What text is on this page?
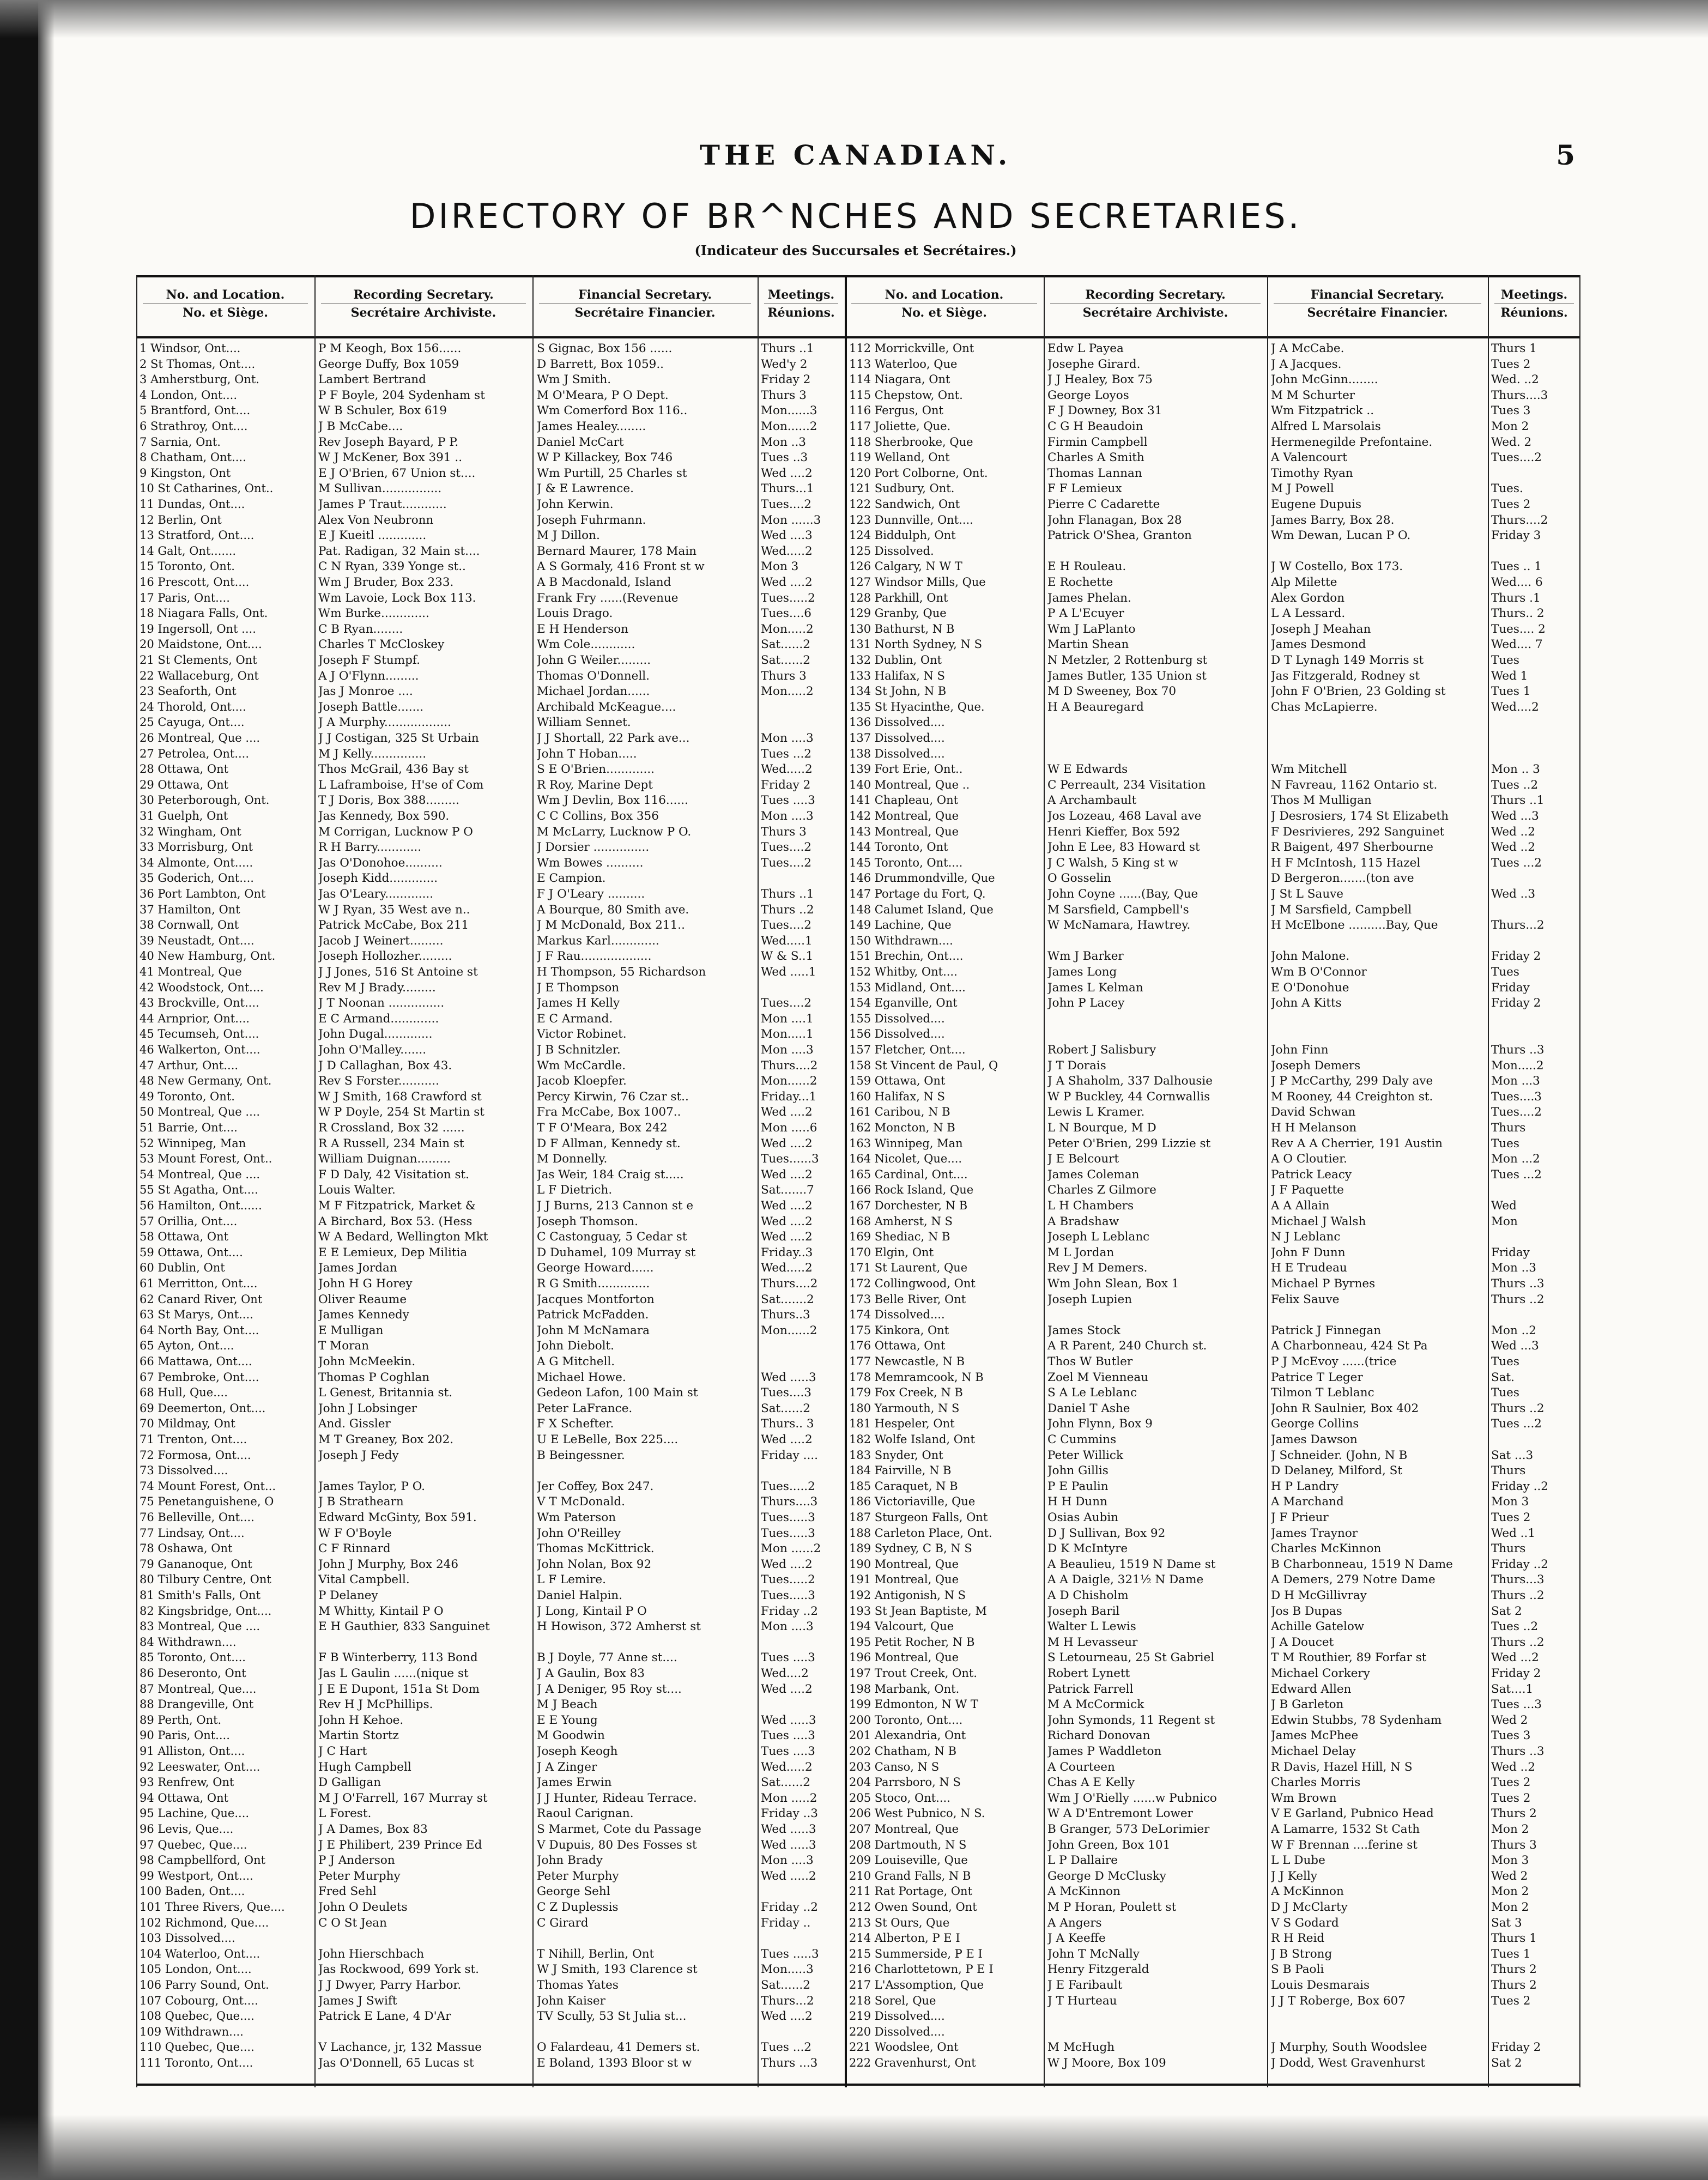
THE CANADIAN.	5
DIRECTORY OF BR^NCHES AND SECRETARIES.
(Indicateur des Succursales et Secrétaires.)
No. and Location.
No. et Siège.
Recording Secretary.
Secrétaire Archiviste.
Financial Secretary.
Secrétaire Financier.
Meetings.
Réunions.
No. and Location.
No. et Siège.
Recording Secretary.
Secrétaire Archiviste.
Financial Secretary.
Secrétaire Financier.
Meetings.
Réunions.
1 Windsor, Ont....	P M Keogh, Box 156......	S Gignac, Box 156 ......	Thurs ..1
2 St Thomas, Ont....	George Duffy, Box 1059	D Barrett, Box 1059..	Wed'y 2
3 Amherstburg, Ont.	Lambert Bertrand	Wm J Smith.	Friday 2
4 London, Ont....	P F Boyle, 204 Sydenham st	M O'Meara, P O Dept.	Thurs 3
5 Brantford, Ont....	W B Schuler, Box 619	Wm Comerford Box 116..	Mon......3
6 Strathroy, Ont....	J B McCabe....	James Healey........	Mon......2
7 Sarnia, Ont.	Rev Joseph Bayard, P P.	Daniel McCart	Mon ..3
8 Chatham, Ont....	W J McKener, Box 391 ..	W P Killackey, Box 746	Tues ..3
9 Kingston, Ont	E J O'Brien, 67 Union st....	Wm Purtill, 25 Charles st	Wed ....2
10 St Catharines, Ont..	M Sullivan................	J & E Lawrence.	Thurs...1
11 Dundas, Ont....	James P Traut............	John Kerwin.	Tues....2
12 Berlin, Ont	Alex Von Neubronn	Joseph Fuhrmann.	Mon ......3
13 Stratford, Ont....	E J Kueitl .............	M J Dillon.	Wed ....3
14 Galt, Ont.......	Pat. Radigan, 32 Main st....	Bernard Maurer, 178 Main	Wed.....2
15 Toronto, Ont.	C N Ryan, 339 Yonge st..	A S Gormaly, 416 Front st w	Mon 3
16 Prescott, Ont....	Wm J Bruder, Box 233.	A B Macdonald, Island	Wed ....2
17 Paris, Ont....	Wm Lavoie, Lock Box 113.	Frank Fry ......(Revenue	Tues.....2
18 Niagara Falls, Ont.	Wm Burke.............	Louis Drago.	Tues....6
19 Ingersoll, Ont ....	C B Ryan........	E H Henderson	Mon.....2
20 Maidstone, Ont....	Charles T McCloskey	Wm Cole............	Sat......2
21 St Clements, Ont	Joseph F Stumpf.	John G Weiler.........	Sat......2
22 Wallaceburg, Ont	A J O'Flynn.........	Thomas O'Donnell.	Thurs 3
23 Seaforth, Ont	Jas J Monroe ....	Michael Jordan......	Mon.....2
24 Thorold, Ont....	Joseph Battle.......	Archibald McKeague....
25 Cayuga, Ont....	J A Murphy..................	William Sennet.
26 Montreal, Que ....	J J Costigan, 325 St Urbain	J J Shortall, 22 Park ave...	Mon ....3
27 Petrolea, Ont....	M J Kelly...............	John T Hoban.....	Tues ...2
28 Ottawa, Ont	Thos McGrail, 436 Bay st	S E O'Brien.............	Wed.....2
29 Ottawa, Ont	L Laframboise, H'se of Com	R Roy, Marine Dept	Friday 2
30 Peterborough, Ont.	T J Doris, Box 388.........	Wm J Devlin, Box 116......	Tues ....3
31 Guelph, Ont	Jas Kennedy, Box 590.	C C Collins, Box 356	Mon ....3
32 Wingham, Ont	M Corrigan, Lucknow P O	M McLarry, Lucknow P O.	Thurs 3
33 Morrisburg, Ont	R H Barry............	J Dorsier ...............	Tues....2
34 Almonte, Ont.....	Jas O'Donohoe..........	Wm Bowes ..........	Tues....2
35 Goderich, Ont....	Joseph Kidd.............	E Campion.
36 Port Lambton, Ont	Jas O'Leary.............	F J O'Leary ..........	Thurs ..1
37 Hamilton, Ont	W J Ryan, 35 West ave n..	A Bourque, 80 Smith ave.	Thurs ..2
38 Cornwall, Ont	Patrick McCabe, Box 211	J M McDonald, Box 211..	Tues....2
39 Neustadt, Ont....	Jacob J Weinert.........	Markus Karl.............	Wed.....1
40 New Hamburg, Ont.	Joseph Hollozher.........	J F Rau...................	W & S..1
41 Montreal, Que	J J Jones, 516 St Antoine st	H Thompson, 55 Richardson	Wed .....1
42 Woodstock, Ont....	Rev M J Brady.........	J E Thompson
43 Brockville, Ont....	J T Noonan ...............	James H Kelly	Tues....2
44 Arnprior, Ont....	E C Armand.............	E C Armand.	Mon ....1
45 Tecumseh, Ont....	John Dugal.............	Victor Robinet.	Mon.....1
46 Walkerton, Ont....	John O'Malley.......	J B Schnitzler.	Mon ....3
47 Arthur, Ont....	J D Callaghan, Box 43.	Wm McCardle.	Thurs....2
48 New Germany, Ont.	Rev S Forster...........	Jacob Kloepfer.	Mon......2
49 Toronto, Ont.	W J Smith, 168 Crawford st	Percy Kirwin, 76 Czar st..	Friday...1
50 Montreal, Que ....	W P Doyle, 254 St Martin st	Fra McCabe, Box 1007..	Wed ....2
51 Barrie, Ont....	R Crossland, Box 32 ......	T F O'Meara, Box 242	Mon .....6
52 Winnipeg, Man	R A Russell, 234 Main st	D F Allman, Kennedy st.	Wed ....2
53 Mount Forest, Ont..	William Duignan.........	M Donnelly.	Tues......3
54 Montreal, Que ....	F D Daly, 42 Visitation st.	Jas Weir, 184 Craig st.....	Wed ....2
55 St Agatha, Ont....	Louis Walter.	L F Dietrich.	Sat.......7
56 Hamilton, Ont......	M F Fitzpatrick, Market &	J J Burns, 213 Cannon st e	Wed ....2
57 Orillia, Ont....	A Birchard, Box 53. (Hess	Joseph Thomson.	Wed ....2
58 Ottawa, Ont	W A Bedard, Wellington Mkt	C Castonguay, 5 Cedar st	Wed ....2
59 Ottawa, Ont....	E E Lemieux, Dep Militia	D Duhamel, 109 Murray st	Friday..3
60 Dublin, Ont	James Jordan	George Howard......	Wed.....2
61 Merritton, Ont....	John H G Horey	R G Smith..............	Thurs....2
62 Canard River, Ont	Oliver Reaume	Jacques Montforton	Sat.......2
63 St Marys, Ont....	James Kennedy	Patrick McFadden.	Thurs..3
64 North Bay, Ont....	E Mulligan	John M McNamara	Mon......2
65 Ayton, Ont....	T Moran	John Diebolt.
66 Mattawa, Ont....	John McMeekin.	A G Mitchell.
67 Pembroke, Ont....	Thomas P Coghlan	Michael Howe.	Wed .....3
68 Hull, Que....	L Genest, Britannia st.	Gedeon Lafon, 100 Main st	Tues....3
69 Deemerton, Ont....	John J Lobsinger	Peter LaFrance.	Sat......2
70 Mildmay, Ont	And. Gissler	F X Schefter.	Thurs.. 3
71 Trenton, Ont....	M T Greaney, Box 202.	U E LeBelle, Box 225....	Wed ....2
72 Formosa, Ont....	Joseph J Fedy	B Beingessner.	Friday ....
73 Dissolved....
74 Mount Forest, Ont...	James Taylor, P O.	Jer Coffey, Box 247.	Tues.....2
75 Penetanguishene, O	J B Strathearn	V T McDonald.	Thurs....3
76 Belleville, Ont....	Edward McGinty, Box 591.	Wm Paterson	Tues.....3
77 Lindsay, Ont....	W F O'Boyle	John O'Reilley	Tues.....3
78 Oshawa, Ont	C F Rinnard	Thomas McKittrick.	Mon ......2
79 Gananoque, Ont	John J Murphy, Box 246	John Nolan, Box 92	Wed ....2
80 Tilbury Centre, Ont	Vital Campbell.	L F Lemire.	Tues.....2
81 Smith's Falls, Ont	P Delaney	Daniel Halpin.	Tues.....3
82 Kingsbridge, Ont....	M Whitty, Kintail P O	J Long, Kintail P O	Friday ..2
83 Montreal, Que ....	E H Gauthier, 833 Sanguinet	H Howison, 372 Amherst st	Mon ....3
84 Withdrawn....
85 Toronto, Ont....	F B Winterberry, 113 Bond	B J Doyle, 77 Anne st....	Tues ....3
86 Deseronto, Ont	Jas L Gaulin ......(nique st	J A Gaulin, Box 83	Wed....2
87 Montreal, Que....	J E E Dupont, 151a St Dom	J A Deniger, 95 Roy st....	Wed ....2
88 Drangeville, Ont	Rev H J McPhillips.	M J Beach
89 Perth, Ont.	John H Kehoe.	E E Young	Wed .....3
90 Paris, Ont....	Martin Stortz	M Goodwin	Tues ....3
91 Alliston, Ont....	J C Hart	Joseph Keogh	Tues ....3
92 Leeswater, Ont....	Hugh Campbell	J A Zinger	Wed.....2
93 Renfrew, Ont	D Galligan	James Erwin	Sat......2
94 Ottawa, Ont	M J O'Farrell, 167 Murray st	J J Hunter, Rideau Terrace.	Mon .....2
95 Lachine, Que....	L Forest.	Raoul Carignan.	Friday ..3
96 Levis, Que....	J A Dames, Box 83	S Marmet, Cote du Passage	Wed .....3
97 Quebec, Que....	J E Philibert, 239 Prince Ed	V Dupuis, 80 Des Fosses st	Wed .....3
98 Campbellford, Ont	P J Anderson	John Brady	Mon ....3
99 Westport, Ont....	Peter Murphy	Peter Murphy	Wed .....2
100 Baden, Ont....	Fred Sehl	George Sehl
101 Three Rivers, Que....	John O Deulets	C Z Duplessis	Friday ..2
102 Richmond, Que....	C O St Jean	C Girard	Friday ..
103 Dissolved....
104 Waterloo, Ont....	John Hierschbach	T Nihill, Berlin, Ont	Tues .....3
105 London, Ont....	Jas Rockwood, 699 York st.	W J Smith, 193 Clarence st	Mon.....3
106 Parry Sound, Ont.	J J Dwyer, Parry Harbor.	Thomas Yates	Sat......2
107 Cobourg, Ont....	James J Swift	John Kaiser	Thurs...2
108 Quebec, Que....	Patrick E Lane, 4 D'Ar	TV Scully, 53 St Julia st...	Wed ....2
109 Withdrawn....
110 Quebec, Que....	V Lachance, jr, 132 Massue	O Falardeau, 41 Demers st.	Tues ...2
111 Toronto, Ont....	Jas O'Donnell, 65 Lucas st	E Boland, 1393 Bloor st w	Thurs ...3
112 Morrickville, Ont	Edw L Payea	J A McCabe.	Thurs 1
113 Waterloo, Que	Josephe Girard.	J A Jacques.	Tues 2
114 Niagara, Ont	J J Healey, Box 75	John McGinn........	Wed. ..2
115 Chepstow, Ont.	George Loyos	M M Schurter	Thurs....3
116 Fergus, Ont	F J Downey, Box 31	Wm Fitzpatrick ..	Tues 3
117 Joliette, Que.	C G H Beaudoin	Alfred L Marsolais	Mon 2
118 Sherbrooke, Que	Firmin Campbell	Hermenegilde Prefontaine.	Wed. 2
119 Welland, Ont	Charles A Smith	A Valencourt	Tues....2
120 Port Colborne, Ont.	Thomas Lannan	Timothy Ryan
121 Sudbury, Ont.	F F Lemieux	M J Powell	Tues.
122 Sandwich, Ont	Pierre C Cadarette	Eugene Dupuis	Tues 2
123 Dunnville, Ont....	John Flanagan, Box 28	James Barry, Box 28.	Thurs....2
124 Biddulph, Ont	Patrick O'Shea, Granton	Wm Dewan, Lucan P O.	Friday 3
125 Dissolved.
126 Calgary, N W T	E H Rouleau.	J W Costello, Box 173.	Tues .. 1
127 Windsor Mills, Que	E Rochette	Alp Milette	Wed.... 6
128 Parkhill, Ont	James Phelan.	Alex Gordon	Thurs .1
129 Granby, Que	P A L'Ecuyer	L A Lessard.	Thurs.. 2
130 Bathurst, N B	Wm J LaPlanto	Joseph J Meahan	Tues.... 2
131 North Sydney, N S	Martin Shean	James Desmond	Wed.... 7
132 Dublin, Ont	N Metzler, 2 Rottenburg st	D T Lynagh 149 Morris st	Tues
133 Halifax, N S	James Butler, 135 Union st	Jas Fitzgerald, Rodney st	Wed 1
134 St John, N B	M D Sweeney, Box 70	John F O'Brien, 23 Golding st	Tues 1
135 St Hyacinthe, Que.	H A Beauregard	Chas McLapierre.	Wed....2
136 Dissolved....
137 Dissolved....
138 Dissolved....
139 Fort Erie, Ont..	W E Edwards	Wm Mitchell	Mon .. 3
140 Montreal, Que ..	C Perreault, 234 Visitation	N Favreau, 1162 Ontario st.	Tues ..2
141 Chapleau, Ont	A Archambault	Thos M Mulligan	Thurs ..1
142 Montreal, Que	Jos Lozeau, 468 Laval ave	J Desrosiers, 174 St Elizabeth	Wed ...3
143 Montreal, Que	Henri Kieffer, Box 592	F Desrivieres, 292 Sanguinet	Wed ..2
144 Toronto, Ont	John E Lee, 83 Howard st	R Baigent, 497 Sherbourne	Wed ..2
145 Toronto, Ont....	J C Walsh, 5 King st w	H F McIntosh, 115 Hazel	Tues ...2
146 Drummondville, Que	O Gosselin	D Bergeron.......(ton ave
147 Portage du Fort, Q.	John Coyne ......(Bay, Que	J St L Sauve	Wed ..3
148 Calumet Island, Que	M Sarsfield, Campbell's	J M Sarsfield, Campbell
149 Lachine, Que	W McNamara, Hawtrey.	H McElbone ..........Bay, Que	Thurs...2
150 Withdrawn....
151 Brechin, Ont....	Wm J Barker	John Malone.	Friday 2
152 Whitby, Ont....	James Long	Wm B O'Connor	Tues
153 Midland, Ont....	James L Kelman	E O'Donohue	Friday
154 Eganville, Ont	John P Lacey	John A Kitts	Friday 2
155 Dissolved....
156 Dissolved....
157 Fletcher, Ont....	Robert J Salisbury	John Finn	Thurs ..3
158 St Vincent de Paul, Q	J T Dorais	Joseph Demers	Mon.....2
159 Ottawa, Ont	J A Shaholm, 337 Dalhousie	J P McCarthy, 299 Daly ave	Mon ...3
160 Halifax, N S	W P Buckley, 44 Cornwallis	M Rooney, 44 Creighton st.	Tues....3
161 Caribou, N B	Lewis L Kramer.	David Schwan	Tues....2
162 Moncton, N B	L N Bourque, M D	H H Melanson	Thurs
163 Winnipeg, Man	Peter O'Brien, 299 Lizzie st	Rev A A Cherrier, 191 Austin	Tues
164 Nicolet, Que....	J E Belcourt	A O Cloutier.	Mon ...2
165 Cardinal, Ont....	James Coleman	Patrick Leacy	Tues ...2
166 Rock Island, Que	Charles Z Gilmore	J F Paquette
167 Dorchester, N B	L H Chambers	A A Allain	Wed
168 Amherst, N S	A Bradshaw	Michael J Walsh	Mon
169 Shediac, N B	Joseph L Leblanc	N J Leblanc
170 Elgin, Ont	M L Jordan	John F Dunn	Friday
171 St Laurent, Que	Rev J M Demers.	H E Trudeau	Mon ..3
172 Collingwood, Ont	Wm John Slean, Box 1	Michael P Byrnes	Thurs ..3
173 Belle River, Ont	Joseph Lupien	Felix Sauve	Thurs ..2
174 Dissolved....
175 Kinkora, Ont	James Stock	Patrick J Finnegan	Mon ..2
176 Ottawa, Ont	A R Parent, 240 Church st.	A Charbonneau, 424 St Pa	Wed ...3
177 Newcastle, N B	Thos W Butler	P J McEvoy ......(trice	Tues
178 Memramcook, N B	Zoel M Vienneau	Patrice T Leger	Sat.
179 Fox Creek, N B	S A Le Leblanc	Tilmon T Leblanc	Tues
180 Yarmouth, N S	Daniel T Ashe	John R Saulnier, Box 402	Thurs ..2
181 Hespeler, Ont	John Flynn, Box 9	George Collins	Tues ...2
182 Wolfe Island, Ont	C Cummins	James Dawson
183 Snyder, Ont	Peter Willick	J Schneider. (John, N B	Sat ...3
184 Fairville, N B	John Gillis	D Delaney, Milford, St	Thurs
185 Caraquet, N B	P E Paulin	H P Landry	Friday ..2
186 Victoriaville, Que	H H Dunn	A Marchand	Mon 3
187 Sturgeon Falls, Ont	Osias Aubin	J F Prieur	Tues 2
188 Carleton Place, Ont.	D J Sullivan, Box 92	James Traynor	Wed ..1
189 Sydney, C B, N S	D K McIntyre	Charles McKinnon	Thurs
190 Montreal, Que	A Beaulieu, 1519 N Dame st	B Charbonneau, 1519 N Dame	Friday ..2
191 Montreal, Que	A A Daigle, 321½ N Dame	A Demers, 279 Notre Dame	Thurs...3
192 Antigonish, N S	A D Chisholm	D H McGillivray	Thurs ..2
193 St Jean Baptiste, M	Joseph Baril	Jos B Dupas	Sat 2
194 Valcourt, Que	Walter L Lewis	Achille Gatelow	Tues ..2
195 Petit Rocher, N B	M H Levasseur	J A Doucet	Thurs ..2
196 Montreal, Que	S Letourneau, 25 St Gabriel	T M Routhier, 89 Forfar st	Wed ...2
197 Trout Creek, Ont.	Robert Lynett	Michael Corkery	Friday 2
198 Marbank, Ont.	Patrick Farrell	Edward Allen	Sat....1
199 Edmonton, N W T	M A McCormick	J B Garleton	Tues ...3
200 Toronto, Ont....	John Symonds, 11 Regent st	Edwin Stubbs, 78 Sydenham	Wed 2
201 Alexandria, Ont	Richard Donovan	James McPhee	Tues 3
202 Chatham, N B	James P Waddleton	Michael Delay	Thurs ..3
203 Canso, N S	A Courteen	R Davis, Hazel Hill, N S	Wed ..2
204 Parrsboro, N S	Chas A E Kelly	Charles Morris	Tues 2
205 Stoco, Ont....	Wm J O'Rielly ......w Pubnico	Wm Brown	Tues 2
206 West Pubnico, N S.	W A D'Entremont Lower	V E Garland, Pubnico Head	Thurs 2
207 Montreal, Que	B Granger, 573 DeLorimier	A Lamarre, 1532 St Cath	Mon 2
208 Dartmouth, N S	John Green, Box 101	W F Brennan ....ferine st	Thurs 3
209 Louiseville, Que	L P Dallaire	L L Dube	Mon 3
210 Grand Falls, N B	George D McClusky	J J Kelly	Wed 2
211 Rat Portage, Ont	A McKinnon	A McKinnon	Mon 2
212 Owen Sound, Ont	M P Horan, Poulett st	D J McClarty	Mon 2
213 St Ours, Que	A Angers	V S Godard	Sat 3
214 Alberton, P E I	J A Keeffe	R H Reid	Thurs 1
215 Summerside, P E I	John T McNally	J B Strong	Tues 1
216 Charlottetown, P E I	Henry Fitzgerald	S B Paoli	Thurs 2
217 L'Assomption, Que	J E Faribault	Louis Desmarais	Thurs 2
218 Sorel, Que	J T Hurteau	J J T Roberge, Box 607	Tues 2
219 Dissolved....
220 Dissolved....
221 Woodslee, Ont	M McHugh	J Murphy, South Woodslee	Friday 2
222 Gravenhurst, Ont	W J Moore, Box 109	J Dodd, West Gravenhurst	Sat 2
